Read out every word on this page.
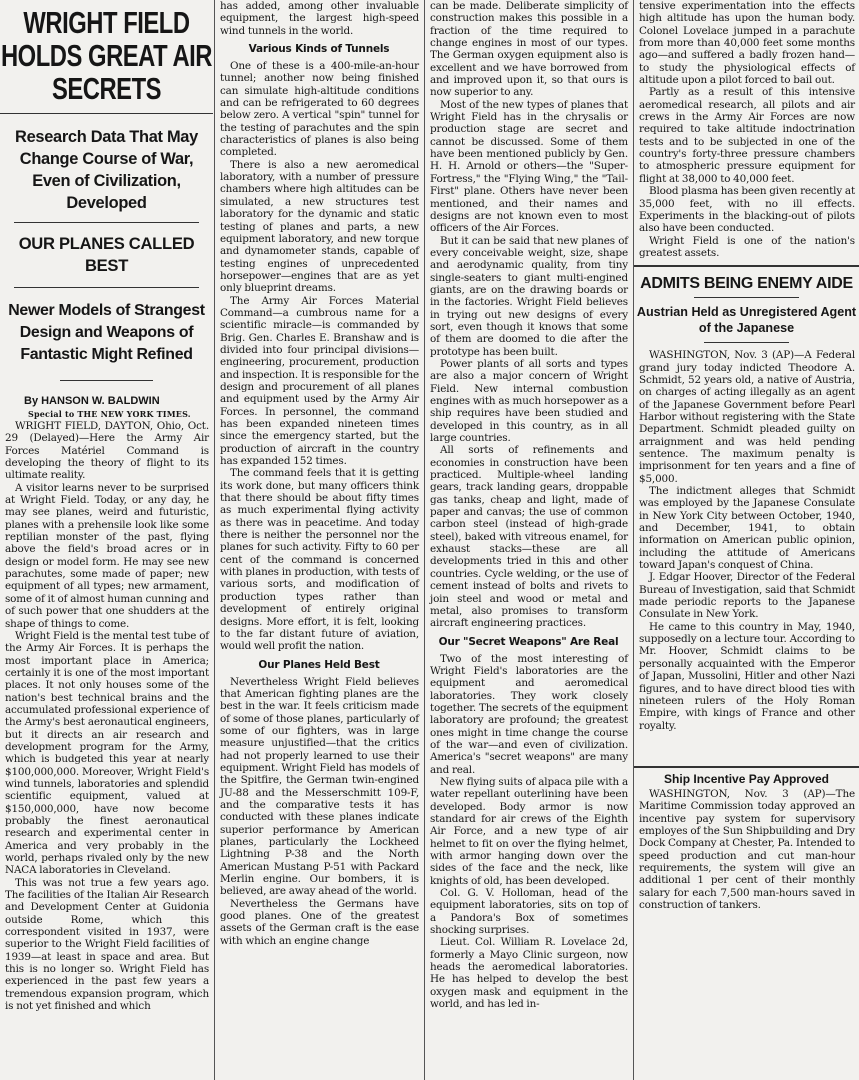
WRIGHT FIELD HOLDS GREAT AIR SECRETS
Research Data That May Change Course of War, Even of Civilization, Developed
OUR PLANES CALLED BEST
Newer Models of Strangest Design and Weapons of Fantastic Might Refined
By HANSON W. BALDWIN
Special to THE NEW YORK TIMES.
WRIGHT FIELD, DAYTON, Ohio, Oct. 29 (Delayed)—Here the Army Air Forces Matériel Command is developing the theory of flight to its ultimate reality.
A visitor learns never to be surprised at Wright Field. Today, or any day, he may see planes, weird and futuristic, planes with a prehensile look like some reptilian monster of the past, flying above the field's broad acres or in design or model form. He may see new parachutes, some made of paper; new equipment of all types; new armament, some of it of almost human cunning and of such power that one shudders at the shape of things to come.
Wright Field is the mental test tube of the Army Air Forces. It is perhaps the most important place in America; certainly it is one of the most important places. It not only houses some of the nation's best technical brains and the accumulated professional experience of the Army's best aeronautical engineers, but it directs an air research and development program for the Army, which is budgeted this year at nearly $100,000,000. Moreover, Wright Field's wind tunnels, laboratories and splendid scientific equipment, valued at $150,000,000, have now become probably the finest aeronautical research and experimental center in America and very probably in the world, perhaps rivaled only by the new NACA laboratories in Cleveland.
This was not true a few years ago. The facilities of the Italian Air Research and Development Center at Guidonia outside Rome, which this correspondent visited in 1937, were superior to the Wright Field facilities of 1939—at least in space and area. But this is no longer so. Wright Field has experienced in the past few years a tremendous expansion program, which is not yet finished and which
has added, among other invaluable equipment, the largest high-speed wind tunnels in the world.
Various Kinds of Tunnels
One of these is a 400-mile-an-hour tunnel; another now being finished can simulate high-altitude conditions and can be refrigerated to 60 degrees below zero. A vertical "spin" tunnel for the testing of parachutes and the spin characteristics of planes is also being completed.
There is also a new aeromedical laboratory, with a number of pressure chambers where high altitudes can be simulated, a new structures test laboratory for the dynamic and static testing of planes and parts, a new equipment laboratory, and new torque and dynamometer stands, capable of testing engines of unprecedented horsepower—engines that are as yet only blueprint dreams.
The Army Air Forces Material Command—a cumbrous name for a scientific miracle—is commanded by Brig. Gen. Charles E. Branshaw and is divided into four principal divisions—engineering, procurement, production and inspection. It is responsible for the design and procurement of all planes and equipment used by the Army Air Forces. In personnel, the command has been expanded nineteen times since the emergency started, but the production of aircraft in the country has expanded 152 times.
The command feels that it is getting its work done, but many officers think that there should be about fifty times as much experimental flying activity as there was in peacetime. And today there is neither the personnel nor the planes for such activity. Fifty to 60 per cent of the command is concerned with planes in production, with tests of various sorts, and modification of production types rather than development of entirely original designs. More effort, it is felt, looking to the far distant future of aviation, would well profit the nation.
Our Planes Held Best
Nevertheless Wright Field believes that American fighting planes are the best in the war. It feels criticism made of some of those planes, particularly of some of our fighters, was in large measure unjustified—that the critics had not properly learned to use their equipment. Wright Field has models of the Spitfire, the German twin-engined JU-88 and the Messerschmitt 109-F, and the comparative tests it has conducted with these planes indicate superior performance by American planes, particularly the Lockheed Lightning P-38 and the North American Mustang P-51 with Packard Merlin engine. Our bombers, it is believed, are away ahead of the world.
Nevertheless the Germans have good planes. One of the greatest assets of the German craft is the ease with which an engine change
can be made. Deliberate simplicity of construction makes this possible in a fraction of the time required to change engines in most of our types. The German oxygen equipment also is excellent and we have borrowed from and improved upon it, so that ours is now superior to any.
Most of the new types of planes that Wright Field has in the chrysalis or production stage are secret and cannot be discussed. Some of them have been mentioned publicly by Gen. H. H. Arnold or others—the "Super-Fortress," the "Flying Wing," the "Tail-First" plane. Others have never been mentioned, and their names and designs are not known even to most officers of the Air Forces.
But it can be said that new planes of every conceivable weight, size, shape and aerodynamic quality, from tiny single-seaters to giant multi-engined giants, are on the drawing boards or in the factories. Wright Field believes in trying out new designs of every sort, even though it knows that some of them are doomed to die after the prototype has been built.
Power plants of all sorts and types are also a major concern of Wright Field. New internal combustion engines with as much horsepower as a ship requires have been studied and developed in this country, as in all large countries.
All sorts of refinements and economies in construction have been practiced. Multiple-wheel landing gears, track landing gears, droppable gas tanks, cheap and light, made of paper and canvas; the use of common carbon steel (instead of high-grade steel), baked with vitreous enamel, for exhaust stacks—these are all developments tried in this and other countries. Cycle welding, or the use of cement instead of bolts and rivets to join steel and wood or metal and metal, also promises to transform aircraft engineering practices.
Our "Secret Weapons" Are Real
Two of the most interesting of Wright Field's laboratories are the equipment and aeromedical laboratories. They work closely together. The secrets of the equipment laboratory are profound; the greatest ones might in time change the course of the war—and even of civilization. America's "secret weapons" are many and real.
New flying suits of alpaca pile with a water repellant outerlining have been developed. Body armor is now standard for air crews of the Eighth Air Force, and a new type of air helmet to fit on over the flying helmet, with armor hanging down over the sides of the face and the neck, like knights of old, has been developed.
Col. G. V. Holloman, head of the equipment laboratories, sits on top of a Pandora's Box of sometimes shocking surprises.
Lieut. Col. William R. Lovelace 2d, formerly a Mayo Clinic surgeon, now heads the aeromedical laboratories. He has helped to develop the best oxygen mask and equipment in the world, and has led in-
tensive experimentation into the effects high altitude has upon the human body. Colonel Lovelace jumped in a parachute from more than 40,000 feet some months ago—and suffered a badly frozen hand—to study the physiological effects of altitude upon a pilot forced to bail out.
Partly as a result of this intensive aeromedical research, all pilots and air crews in the Army Air Forces are now required to take altitude indoctrination tests and to be subjected in one of the country's forty-three pressure chambers to atmospheric pressure equipment for flight at 38,000 to 40,000 feet.
Blood plasma has been given recently at 35,000 feet, with no ill effects. Experiments in the blacking-out of pilots also have been conducted.
Wright Field is one of the nation's greatest assets.
ADMITS BEING ENEMY AIDE
Austrian Held as Unregistered Agent of the Japanese
WASHINGTON, Nov. 3 (AP)—A Federal grand jury today indicted Theodore A. Schmidt, 52 years old, a native of Austria, on charges of acting illegally as an agent of the Japanese Government before Pearl Harbor without registering with the State Department. Schmidt pleaded guilty on arraignment and was held pending sentence. The maximum penalty is imprisonment for ten years and a fine of $5,000.
The indictment alleges that Schmidt was employed by the Japanese Consulate in New York City between October, 1940, and December, 1941, to obtain information on American public opinion, including the attitude of Americans toward Japan's conquest of China.
J. Edgar Hoover, Director of the Federal Bureau of Investigation, said that Schmidt made periodic reports to the Japanese Consulate in New York.
He came to this country in May, 1940, supposedly on a lecture tour. According to Mr. Hoover, Schmidt claims to be personally acquainted with the Emperor of Japan, Mussolini, Hitler and other Nazi figures, and to have direct blood ties with nineteen rulers of the Holy Roman Empire, with kings of France and other royalty.
Ship Incentive Pay Approved
WASHINGTON, Nov. 3 (AP)—The Maritime Commission today approved an incentive pay system for supervisory employes of the Sun Shipbuilding and Dry Dock Company at Chester, Pa. Intended to speed production and cut man-hour requirements, the system will give an additional 1 per cent of their monthly salary for each 7,500 man-hours saved in construction of tankers.
